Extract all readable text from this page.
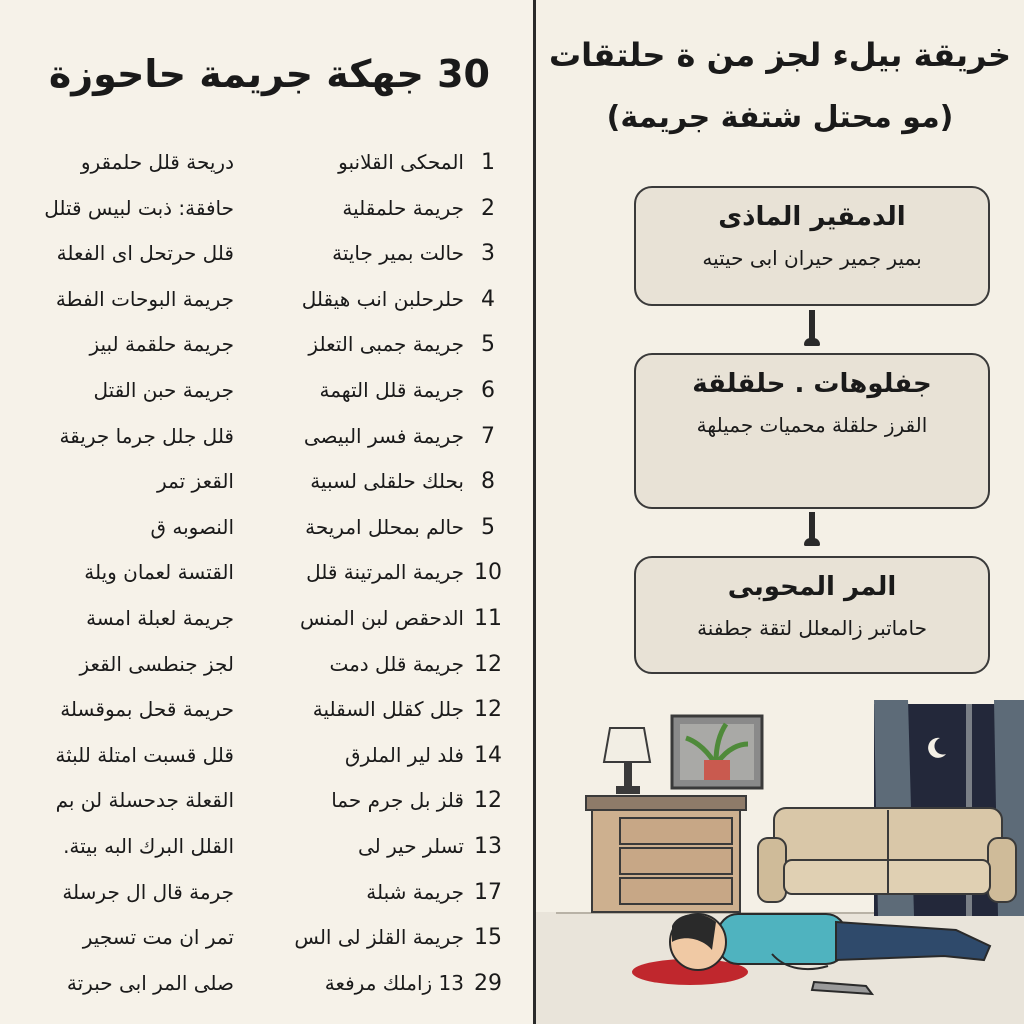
30 جهكة جريمة حاحوزة
1
المحكى القلانبو
دريحة قلل حلمقرو
2
جريمة حلمقلية
حافقة: ذبت لبيس قتلل
3
حالت بمير جايتة
قلل حرتحل اى الفعلة
4
حلرحلبن انب هيقلل
جريمة البوحات الفطة
5
جريمة جمبى التعلز
جريمة حلقمة لبيز
6
جريمة قلل التهمة
جريمة حبن القتل
7
جريمة فسر البيصى
قلل جلل جرما جريقة
8
بحلك حلقلى لسبية
القعز تمر
5
حالم بمحلل امريحة
النصوبه ق
10
جريمة المرتينة قلل
القتسة لعمان ويلة
11
الدحقص لبن المنس
جريمة لعبلة امسة
12
جريمة قلل دمت
لجز جنطسى القعز
12
جلل كقلل السقلية
حريمة قحل بموقسلة
14
فلد لير الملرق
قلل قسبت امتلة للبثة
12
قلز بل جرم حما
القعلة جدحسلة لن بم
13
تسلر حير لى
القلل البرك البه بيتة.
17
جريمة شبلة
جرمة قال ال جرسلة
15
جريمة القلز لى الس
تمر ان مت تسجير
29
13 زاملك مرفعة
صلى المر ابى حبرتة
خريقة بيلء لجز من ة حلتقات
(مو محتل شتفة جريمة)
الدمقير الماذى
بمير جمير حيران ابى حيتيه
جفلوهات . حلقلقة
القرز حلقلة محميات جميلهة
المر المحوبى
حاماتبر زالمعلل لتقة جطفنة
